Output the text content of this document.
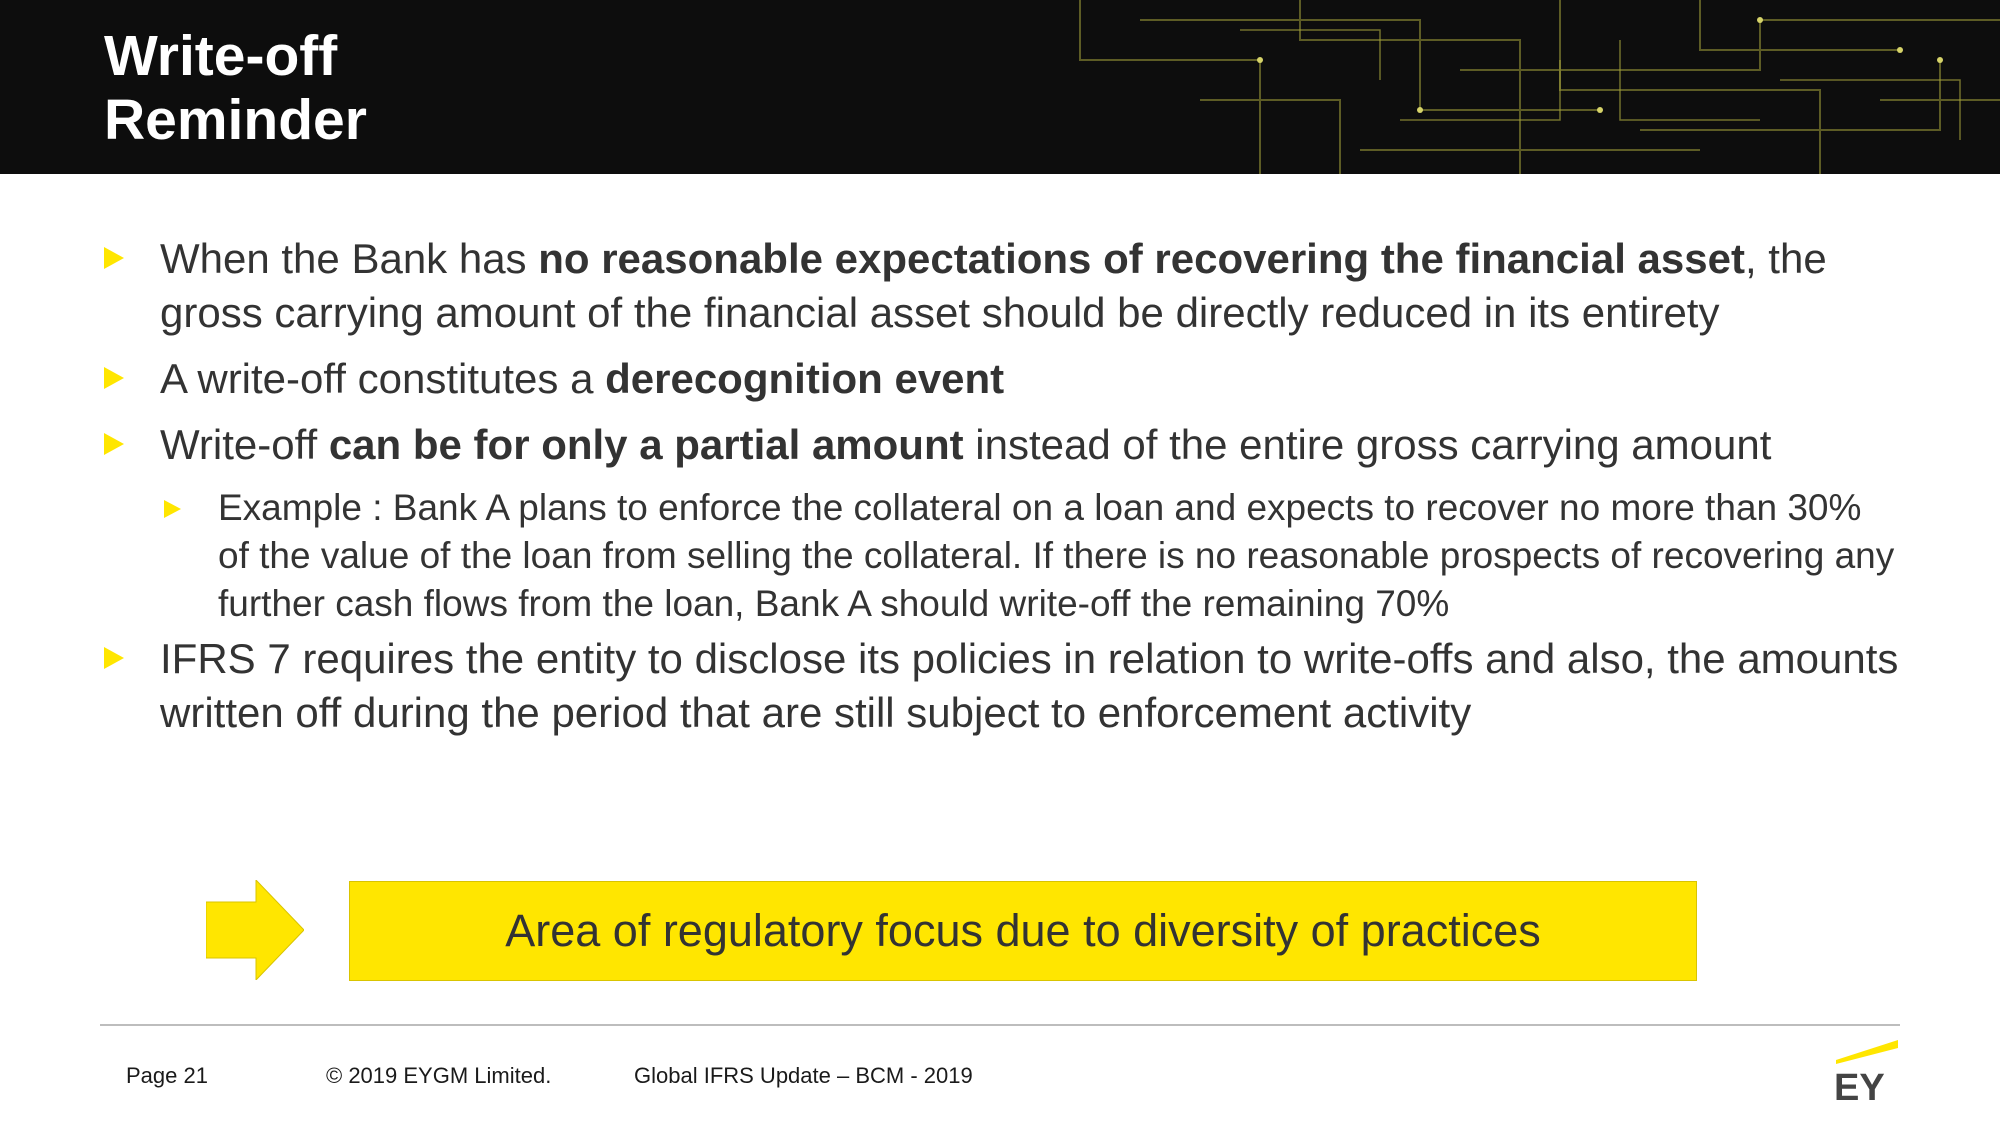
Write-off
Reminder
When the Bank has no reasonable expectations of recovering the financial asset, the gross carrying amount of the financial asset should be directly reduced in its entirety
A write-off constitutes a derecognition event
Write-off can be for only a partial amount instead of the entire gross carrying amount
Example : Bank A plans to enforce the collateral on a loan and expects to recover no more than 30% of the value of the loan from selling the collateral. If there is no reasonable prospects of recovering any further cash flows from the loan, Bank A should write-off the remaining 70%
IFRS 7 requires the entity to disclose its policies in relation to write-offs and also, the amounts written off during the period that are still subject to enforcement activity
Area of regulatory focus due to diversity of practices
Page 21	© 2019 EYGM Limited.	Global IFRS Update – BCM - 2019	EY
